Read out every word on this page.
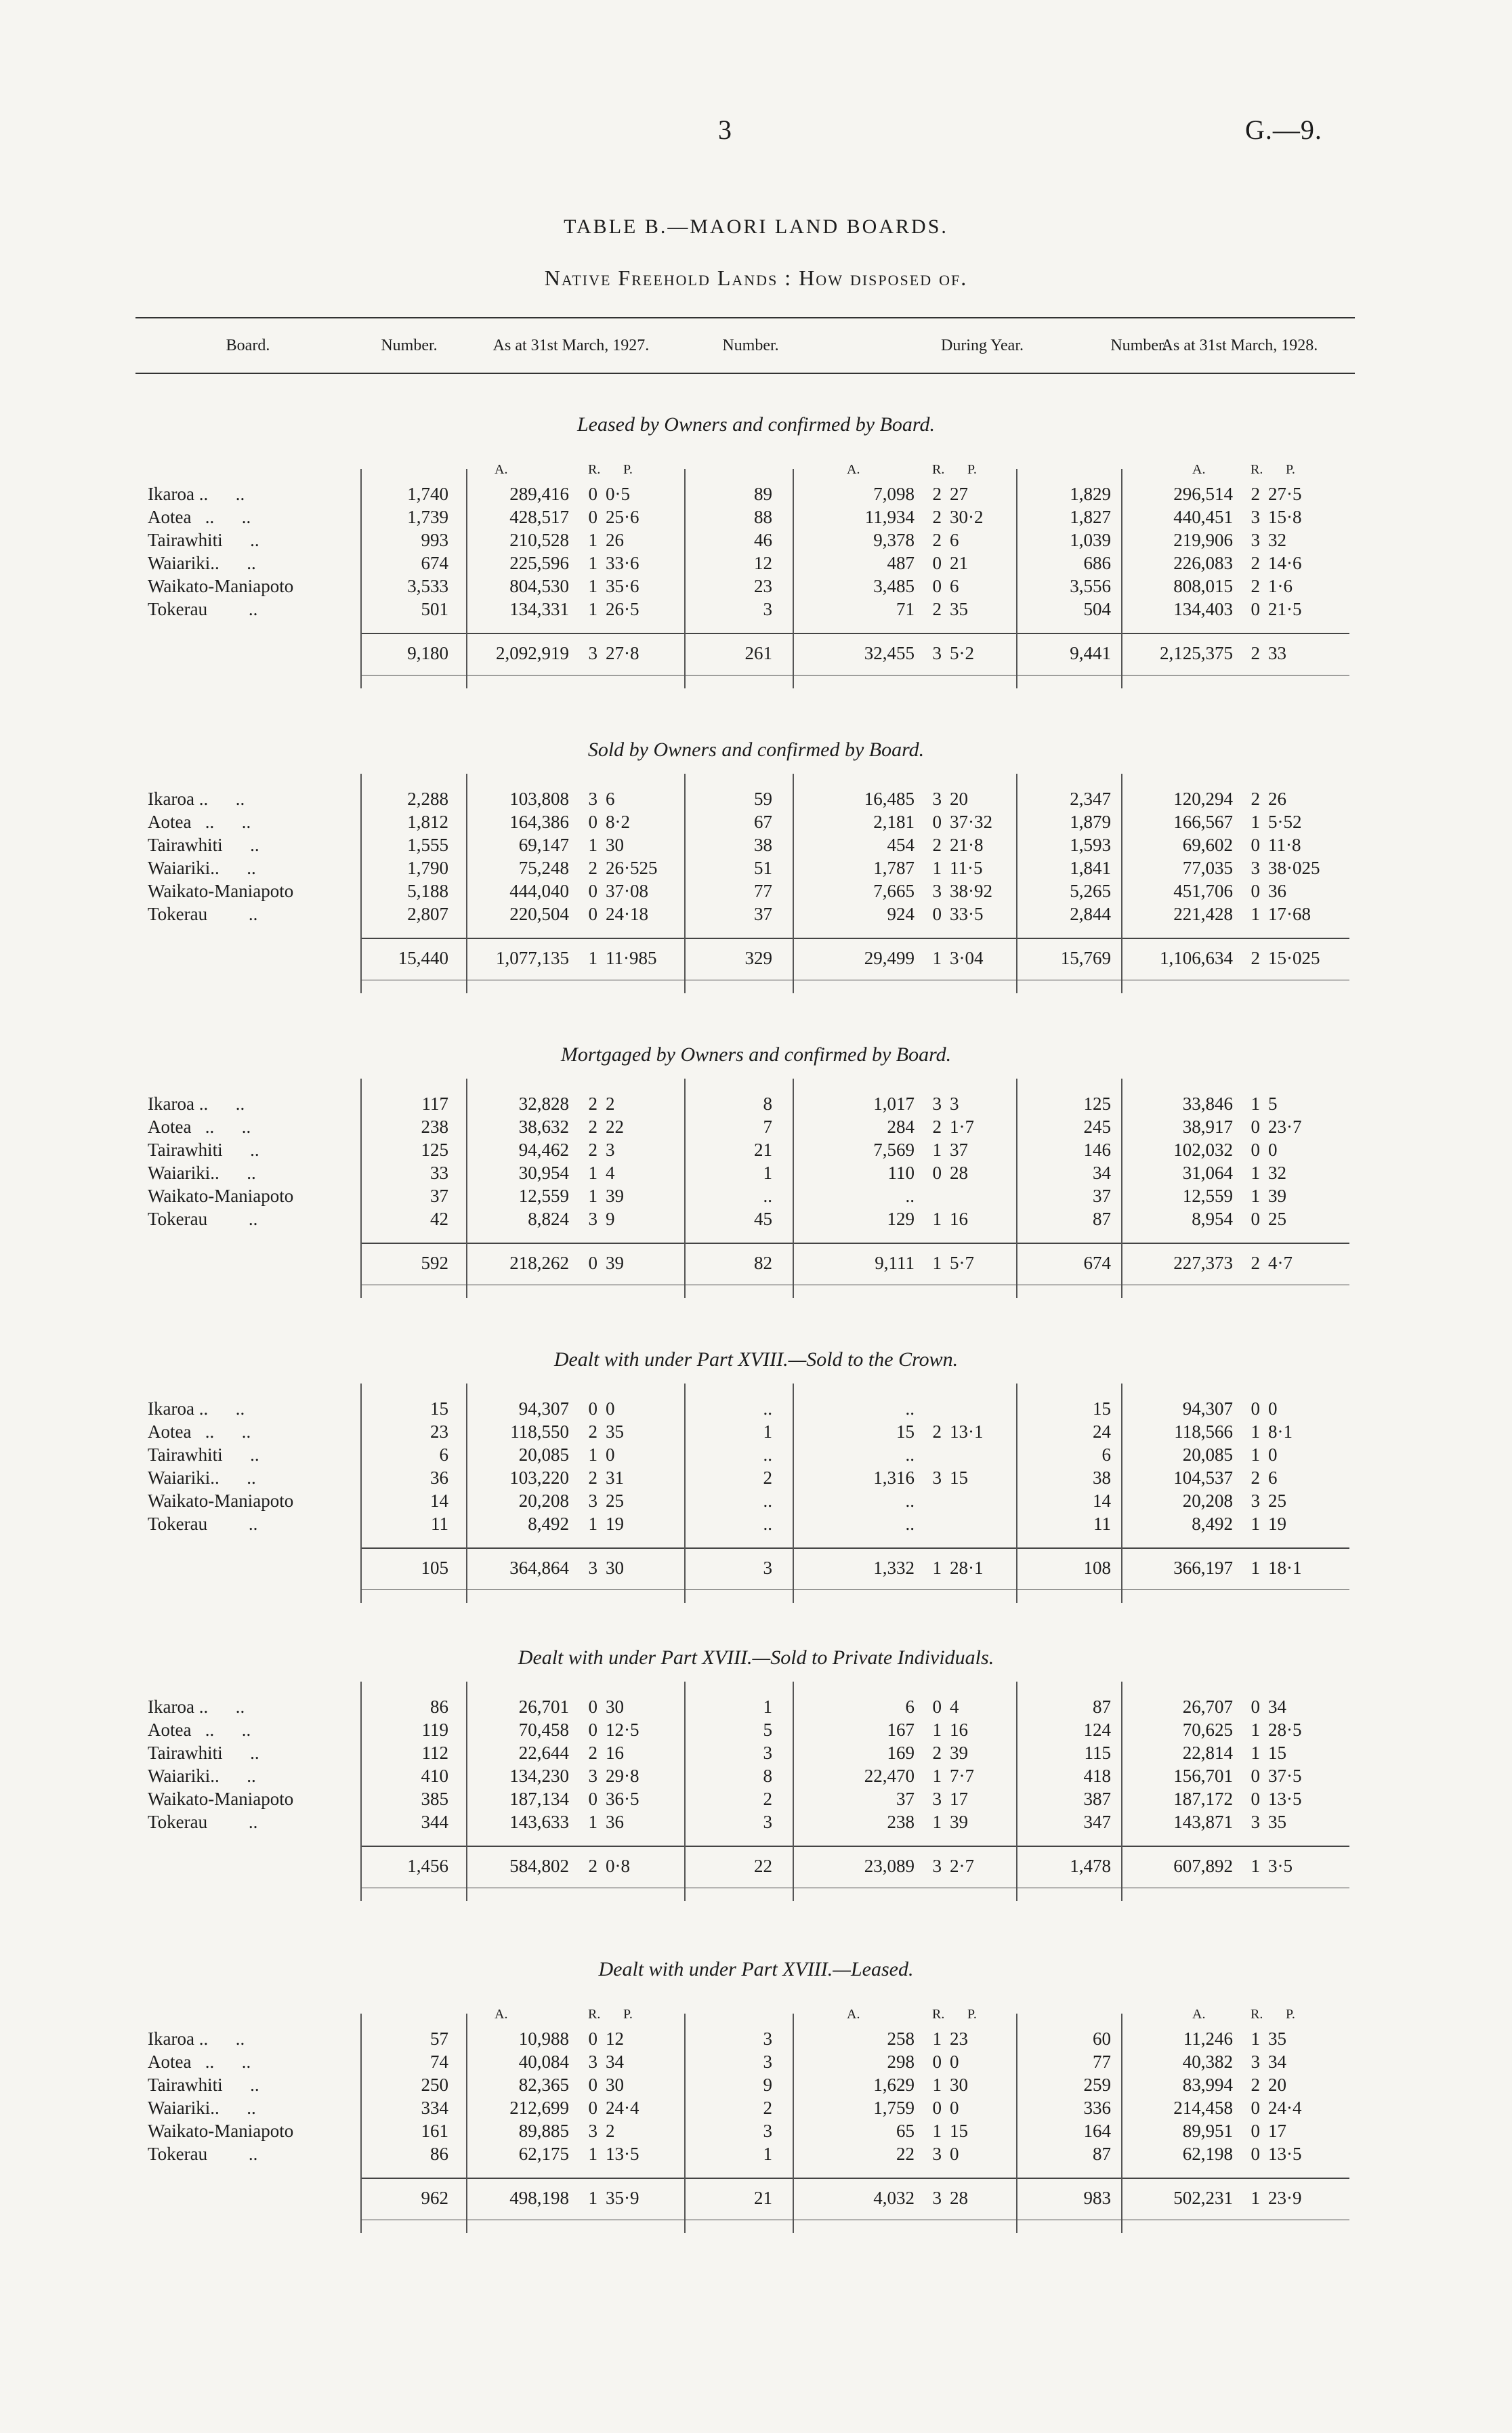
3	G.—9.
TABLE B.—MAORI LAND BOARDS.
Native Freehold Lands : How disposed of.
Board.	Number.	As at 31st March, 1927.	Number.	During Year.	Number.
As at 31st March, 1928.
Leased by Owners and confirmed by Board.
A.	R. P.	A.	R. P.	A.	R. P.
Ikaroa ..      ..	1,740	289,416	0 0·5	89	7,098 2 27	1,829	296,514 2 27·5
Aotea   ..      ..	1,739	428,517	0 25·6	88	11,934 2 30·2	1,827	440,451 3 15·8
Tairawhiti      ..	993	210,528	1 26	46	9,378 2 6	1,039	219,906 3 32
Waiariki..      ..	674	225,596	1 33·6	12	487 0 21	686	226,083 2 14·6
Waikato-Maniapoto	3,533	804,530	1 35·6	23	3,485 0 6	3,556	808,015 2 1·6
Tokerau         ..	501	134,331	1 26·5	3	71 2 35	504	134,403 0 21·5
9,180	2,092,919	3 27·8	261	32,455 3 5·2	9,441	2,125,375 2 33
Sold by Owners and confirmed by Board.
Ikaroa ..      ..	2,288	103,808	3 6	59	16,485 3 20	2,347	120,294 2 26
Aotea   ..      ..	1,812	164,386	0 8·2	67	2,181 0 37·32	1,879	166,567 1 5·52
Tairawhiti      ..	1,555	69,147	1 30	38	454 2 21·8	1,593	69,602 0 11·8
Waiariki..      ..	1,790	75,248	2 26·525	51	1,787 1 11·5	1,841	77,035 3 38·025
Waikato-Maniapoto	5,188	444,040	0 37·08	77	7,665 3 38·92	5,265	451,706 0 36
Tokerau         ..	2,807	220,504	0 24·18	37	924 0 33·5	2,844	221,428 1 17·68
15,440	1,077,135	1 11·985	329	29,499 1 3·04	15,769	1,106,634 2 15·025
Mortgaged by Owners and confirmed by Board.
Ikaroa ..      ..	117	32,828	2 2	8	1,017 3 3	125	33,846 1 5
Aotea   ..      ..	238	38,632	2 22	7	284 2 1·7	245	38,917 0 23·7
Tairawhiti      ..	125	94,462	2 3	21	7,569 1 37	146	102,032 0 0
Waiariki..      ..	33	30,954	1 4	1	110 0 28	34	31,064 1 32
Waikato-Maniapoto	37	12,559	1 39	..	..	37	12,559 1 39
Tokerau         ..	42	8,824	3 9	45	129 1 16	87	8,954 0 25
592	218,262	0 39	82	9,111 1 5·7	674	227,373 2 4·7
Dealt with under Part XVIII.—Sold to the Crown.
Ikaroa ..      ..	15	94,307	0 0	..	..	15	94,307 0 0
Aotea   ..      ..	23	118,550	2 35	1	15 2 13·1	24	118,566 1 8·1
Tairawhiti      ..	6	20,085	1 0	..	..	6	20,085 1 0
Waiariki..      ..	36	103,220	2 31	2	1,316 3 15	38	104,537 2 6
Waikato-Maniapoto	14	20,208	3 25	..	..	14	20,208 3 25
Tokerau         ..	11	8,492	1 19	..	..	11	8,492 1 19
105	364,864	3 30	3	1,332 1 28·1	108	366,197 1 18·1
Dealt with under Part XVIII.—Sold to Private Individuals.
Ikaroa ..      ..	86	26,701	0 30	1	6 0 4	87	26,707 0 34
Aotea   ..      ..	119	70,458	0 12·5	5	167 1 16	124	70,625 1 28·5
Tairawhiti      ..	112	22,644	2 16	3	169 2 39	115	22,814 1 15
Waiariki..      ..	410	134,230	3 29·8	8	22,470 1 7·7	418	156,701 0 37·5
Waikato-Maniapoto	385	187,134	0 36·5	2	37 3 17	387	187,172 0 13·5
Tokerau         ..	344	143,633	1 36	3	238 1 39	347	143,871 3 35
1,456	584,802	2 0·8	22	23,089 3 2·7	1,478	607,892 1 3·5
Dealt with under Part XVIII.—Leased.
A.	R. P.	A.	R. P.	A.	R. P.
Ikaroa ..      ..	57	10,988	0 12	3	258 1 23	60	11,246 1 35
Aotea   ..      ..	74	40,084	3 34	3	298 0 0	77	40,382 3 34
Tairawhiti      ..	250	82,365	0 30	9	1,629 1 30	259	83,994 2 20
Waiariki..      ..	334	212,699	0 24·4	2	1,759 0 0	336	214,458 0 24·4
Waikato-Maniapoto	161	89,885	3 2	3	65 1 15	164	89,951 0 17
Tokerau         ..	86	62,175	1 13·5	1	22 3 0	87	62,198 0 13·5
962	498,198	1 35·9	21	4,032 3 28	983	502,231 1 23·9
